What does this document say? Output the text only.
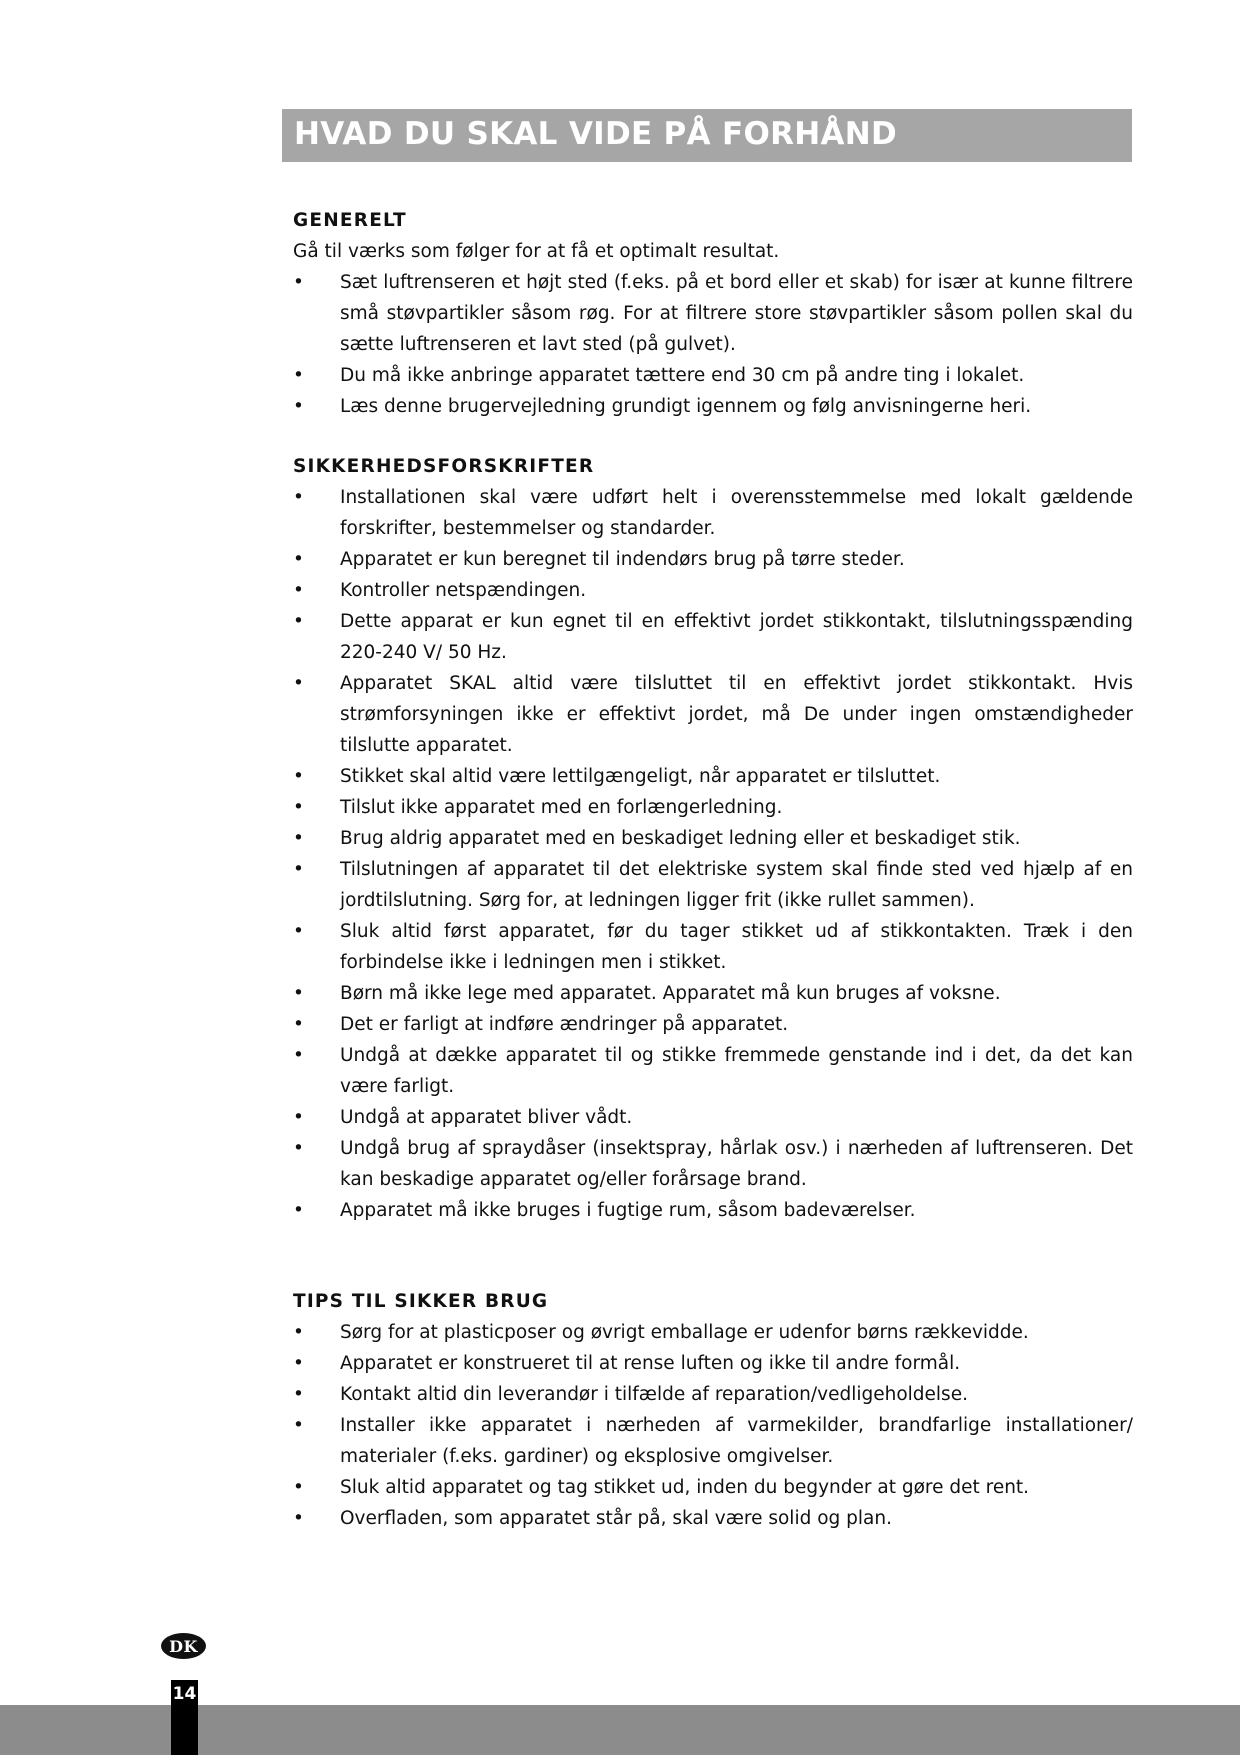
HVAD DU SKAL VIDE PÅ FORHÅND
GENERELT

Gå til værks som følger for at få et optimalt resultat.

• Sæt luftrenseren et højt sted (f.eks. på et bord eller et skab) for især at kunne filtrere små støvpartikler såsom røg. For at filtrere store støvpartikler såsom pollen skal du sætte luftrenseren et lavt sted (på gulvet).
• Du må ikke anbringe apparatet tættere end 30 cm på andre ting i lokalet.
• Læs denne brugervejledning grundigt igennem og følg anvisningerne heri.
SIKKERHEDSFORSKRIFTER
• Installationen skal være udført helt i overensstemmelse med lokalt gældende forskrifter, bestemmelser og standarder.
• Apparatet er kun beregnet til indendørs brug på tørre steder.
• Kontroller netspændingen.
• Dette apparat er kun egnet til en effektivt jordet stikkontakt, tilslutningsspænding 220-240 V/ 50 Hz.
• Apparatet SKAL altid være tilsluttet til en effektivt jordet stikkontakt. Hvis strømforsyningen ikke er effektivt jordet, må De under ingen omstændigheder tilslutte apparatet.
• Stikket skal altid være lettilgængeligt, når apparatet er tilsluttet.
• Tilslut ikke apparatet med en forlængerledning.
• Brug aldrig apparatet med en beskadiget ledning eller et beskadiget stik.
• Tilslutningen af apparatet til det elektriske system skal finde sted ved hjælp af en jordtilslutning. Sørg for, at ledningen ligger frit (ikke rullet sammen).
• Sluk altid først apparatet, før du tager stikket ud af stikkontakten. Træk i den forbindelse ikke i ledningen men i stikket.
• Børn må ikke lege med apparatet. Apparatet må kun bruges af voksne.
• Det er farligt at indføre ændringer på apparatet.
• Undgå at dække apparatet til og stikke fremmede genstande ind i det, da det kan være farligt.
• Undgå at apparatet bliver vådt.
• Undgå brug af spraydåser (insektspray, hårlak osv.) i nærheden af luftrenseren. Det kan beskadige apparatet og/eller forårsage brand.
• Apparatet må ikke bruges i fugtige rum, såsom badeværelser.
TIPS TIL SIKKER BRUG
• Sørg for at plasticposer og øvrigt emballage er udenfor børns rækkevidde.
• Apparatet er konstrueret til at rense luften og ikke til andre formål.
• Kontakt altid din leverandør i tilfælde af reparation/vedligeholdelse.
• Installer ikke apparatet i nærheden af varmekilder, brandfarlige installationer/ materialer (f.eks. gardiner) og eksplosive omgivelser.
• Sluk altid apparatet og tag stikket ud, inden du begynder at gøre det rent.
• Overfladen, som apparatet står på, skal være solid og plan.
DK
14
